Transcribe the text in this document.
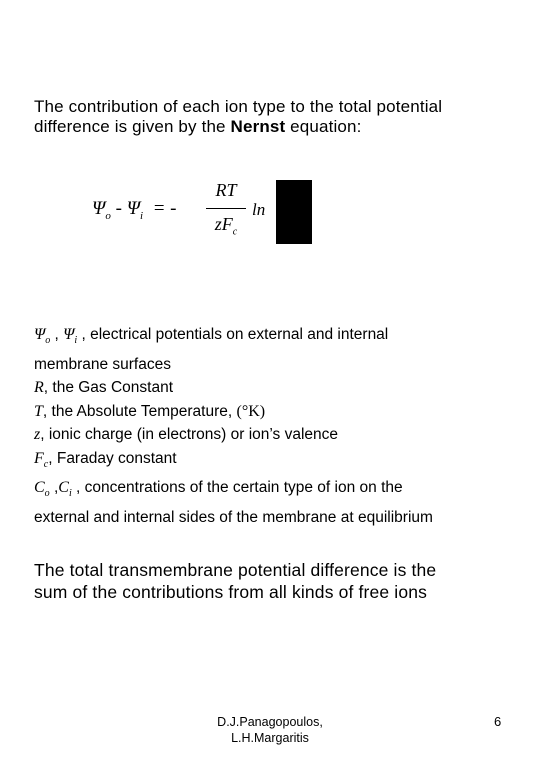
The contribution of each ion type to the total potential
difference is given by the Nernst equation:
$\Psi_o - \Psi_i$ = -
RT
$zF_c$
ln
$\Psi_o$ , $\Psi_i$ , electrical potentials on external and internal
membrane surfaces
R, the Gas Constant
T, the Absolute Temperature, (°K)
z, ionic charge (in electrons) or ion’s valence
$F_c$, Faraday constant
$C_o$ $,C_i$ , concentrations of the certain type of ion on the
external and internal sides of the membrane at equilibrium
The total transmembrane potential difference is the
sum of the contributions from all kinds of free ions
D.J.Panagopoulos,
L.H.Margaritis
6
